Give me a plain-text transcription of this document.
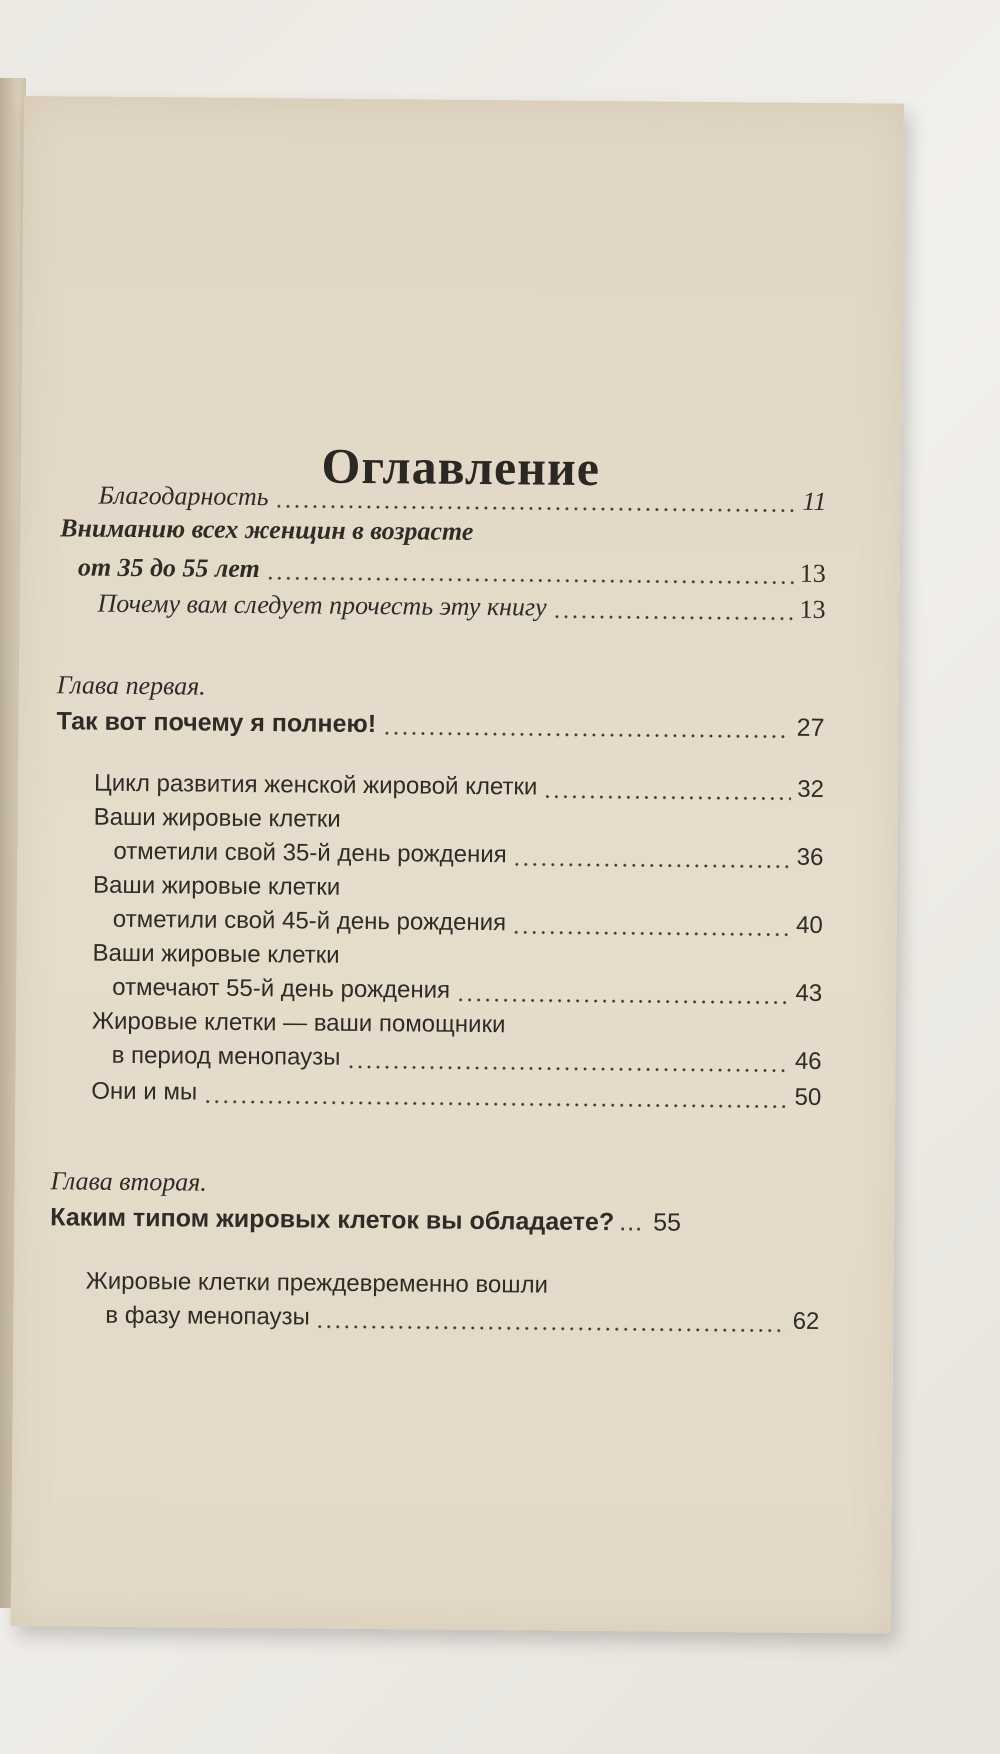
Оглавление
Благодарность	11
Вниманию всех женщин в возрасте
от 35 до 55 лет	13
Почему вам следует прочесть эту книгу	13
Глава первая.
Так вот почему я полнею!	27
Цикл развития женской жировой клетки	32
Ваши жировые клетки
отметили свой 35-й день рождения	36
Ваши жировые клетки
отметили свой 45-й день рождения	40
Ваши жировые клетки
отмечают 55-й день рождения	43
Жировые клетки — ваши помощники
в период менопаузы	46
Они и мы	50
Глава вторая.
Каким типом жировых клеток вы обладаете? … 55
Жировые клетки преждевременно вошли
в фазу менопаузы	62
